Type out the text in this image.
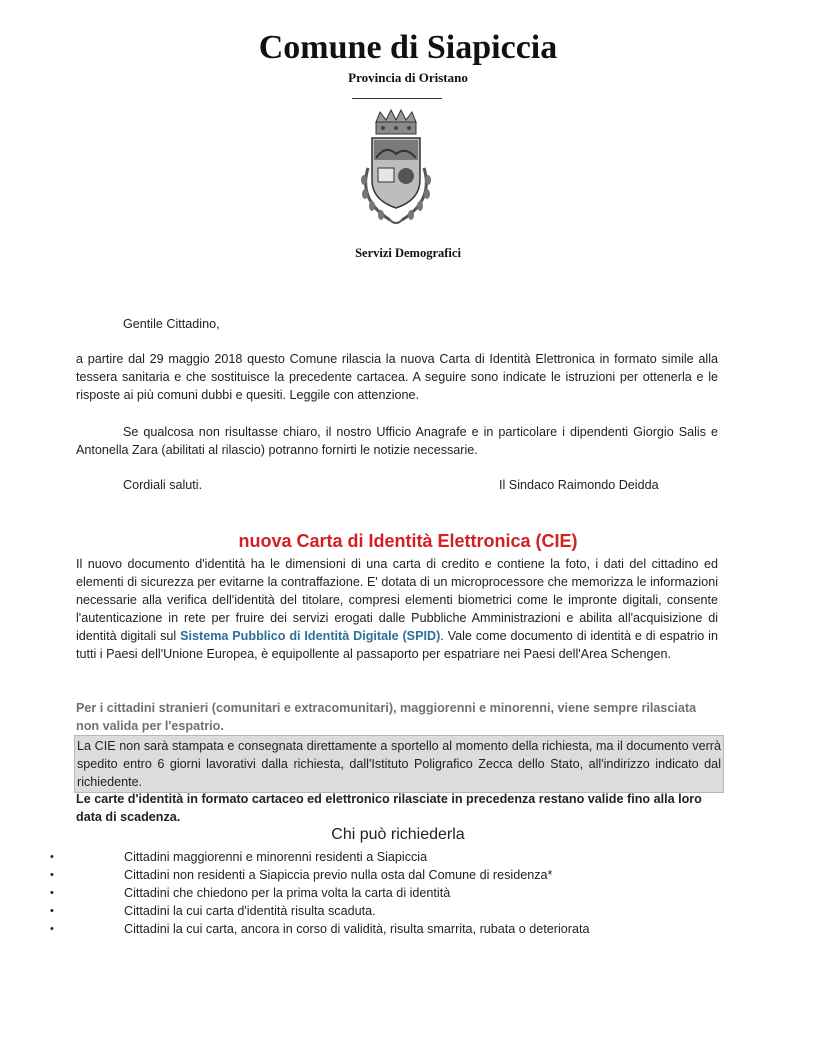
Comune di Siapiccia
Provincia di Oristano
Servizi Demografici

Gentile Cittadino,

a partire dal 29 maggio 2018 questo Comune rilascia la nuova Carta di Identità Elettronica in formato simile alla tessera sanitaria e che sostituisce la precedente cartacea. A seguire sono indicate le istruzioni per ottenerla e le risposte ai più comuni dubbi e quesiti. Leggile con attenzione.

Se qualcosa non risultasse chiaro, il nostro Ufficio Anagrafe e in particolare i dipendenti Giorgio Salis e Antonella Zara (abilitati al rilascio) potranno fornirti le notizie necessarie.

Cordiali saluti.	Il Sindaco Raimondo Deidda

nuova Carta di Identità Elettronica (CIE)

Il nuovo documento d'identità ha le dimensioni di una carta di credito e contiene la foto, i dati del cittadino ed elementi di sicurezza per evitarne la contraffazione. E' dotata di un microprocessore che memorizza le informazioni necessarie alla verifica dell'identità del titolare, compresi elementi biometrici come le impronte digitali, consente l'autenticazione in rete per fruire dei servizi erogati dalle Pubbliche Amministrazioni e abilita all'acquisizione di identità digitali sul Sistema Pubblico di Identità Digitale (SPID). Vale come documento di identità e di espatrio in tutti i Paesi dell'Unione Europea, è equipollente al passaporto per espatriare nei Paesi dell'Area Schengen.

Per i cittadini stranieri (comunitari e extracomunitari), maggiorenni e minorenni, viene sempre rilasciata non valida per l'espatrio.

La CIE non sarà stampata e consegnata direttamente a sportello al momento della richiesta, ma il documento verrà spedito entro 6 giorni lavorativi dalla richiesta, dall'Istituto Poligrafico Zecca dello Stato, all'indirizzo indicato dal richiedente.

Le carte d'identità in formato cartaceo ed elettronico rilasciate in precedenza restano valide fino alla loro data di scadenza.

Chi può richiederla
•	Cittadini maggiorenni e minorenni residenti a Siapiccia
•	Cittadini non residenti a Siapiccia previo nulla osta dal Comune di residenza*
•	Cittadini che chiedono per la prima volta la carta di identità
•	Cittadini la cui carta d'identità risulta scaduta.
•	Cittadini la cui carta, ancora in corso di validità, risulta smarrita, rubata o deteriorata
